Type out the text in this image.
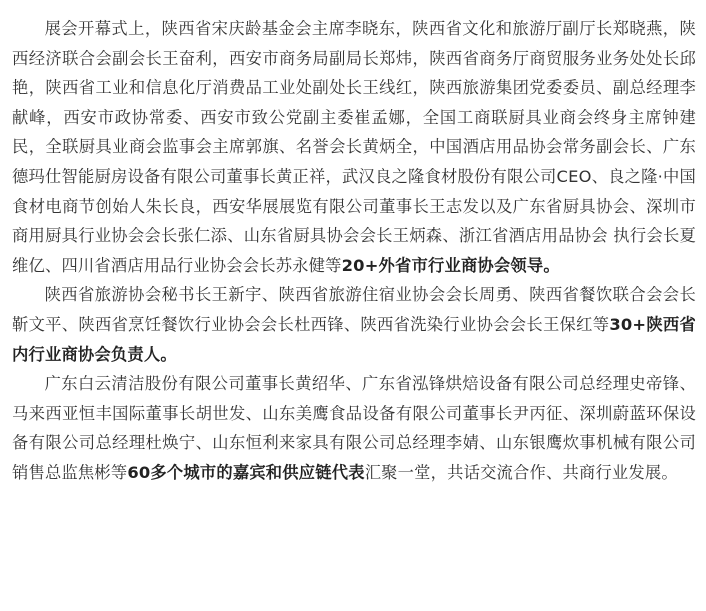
展会开幕式上，陕西省宋庆龄基金会主席李晓东，陕西省文化和旅游厅副厅长郑晓燕，陕西经济联合会副会长王奋利，西安市商务局副局长郑炜，陕西省商务厅商贸服务业务处处长邱艳，陕西省工业和信息化厅消费品工业处副处长王线红，陕西旅游集团党委委员、副总经理李献峰，西安市政协常委、西安市致公党副主委崔孟娜，全国工商联厨具业商会终身主席钟建民，全联厨具业商会监事会主席郭旗、名誉会长黄炳全，中国酒店用品协会常务副会长、广东德玛仕智能厨房设备有限公司董事长黄正祥，武汉良之隆食材股份有限公司CEO、良之隆·中国食材电商节创始人朱长良，西安华展展览有限公司董事长王志发以及广东省厨具协会、深圳市商用厨具行业协会会长张仁添、山东省厨具协会会长王炳森、浙江省酒店用品协会 执行会长夏维亿、四川省酒店用品行业协会会长苏永健等20+外省市行业商协会领导。

陕西省旅游协会秘书长王新宇、陕西省旅游住宿业协会会长周勇、陕西省餐饮联合会会长靳文平、陕西省烹饪餐饮行业协会会长杜西锋、陕西省洗染行业协会会长王保红等30+陕西省内行业商协会负责人。

广东白云清洁股份有限公司董事长黄绍华、广东省泓锋烘焙设备有限公司总经理史帝锋、马来西亚恒丰国际董事长胡世发、山东美鹰食品设备有限公司董事长尹丙征、深圳蔚蓝环保设备有限公司总经理杜焕宁、山东恒利来家具有限公司总经理李婧、山东银鹰炊事机械有限公司销售总监焦彬等60多个城市的嘉宾和供应链代表汇聚一堂，共话交流合作、共商行业发展。
